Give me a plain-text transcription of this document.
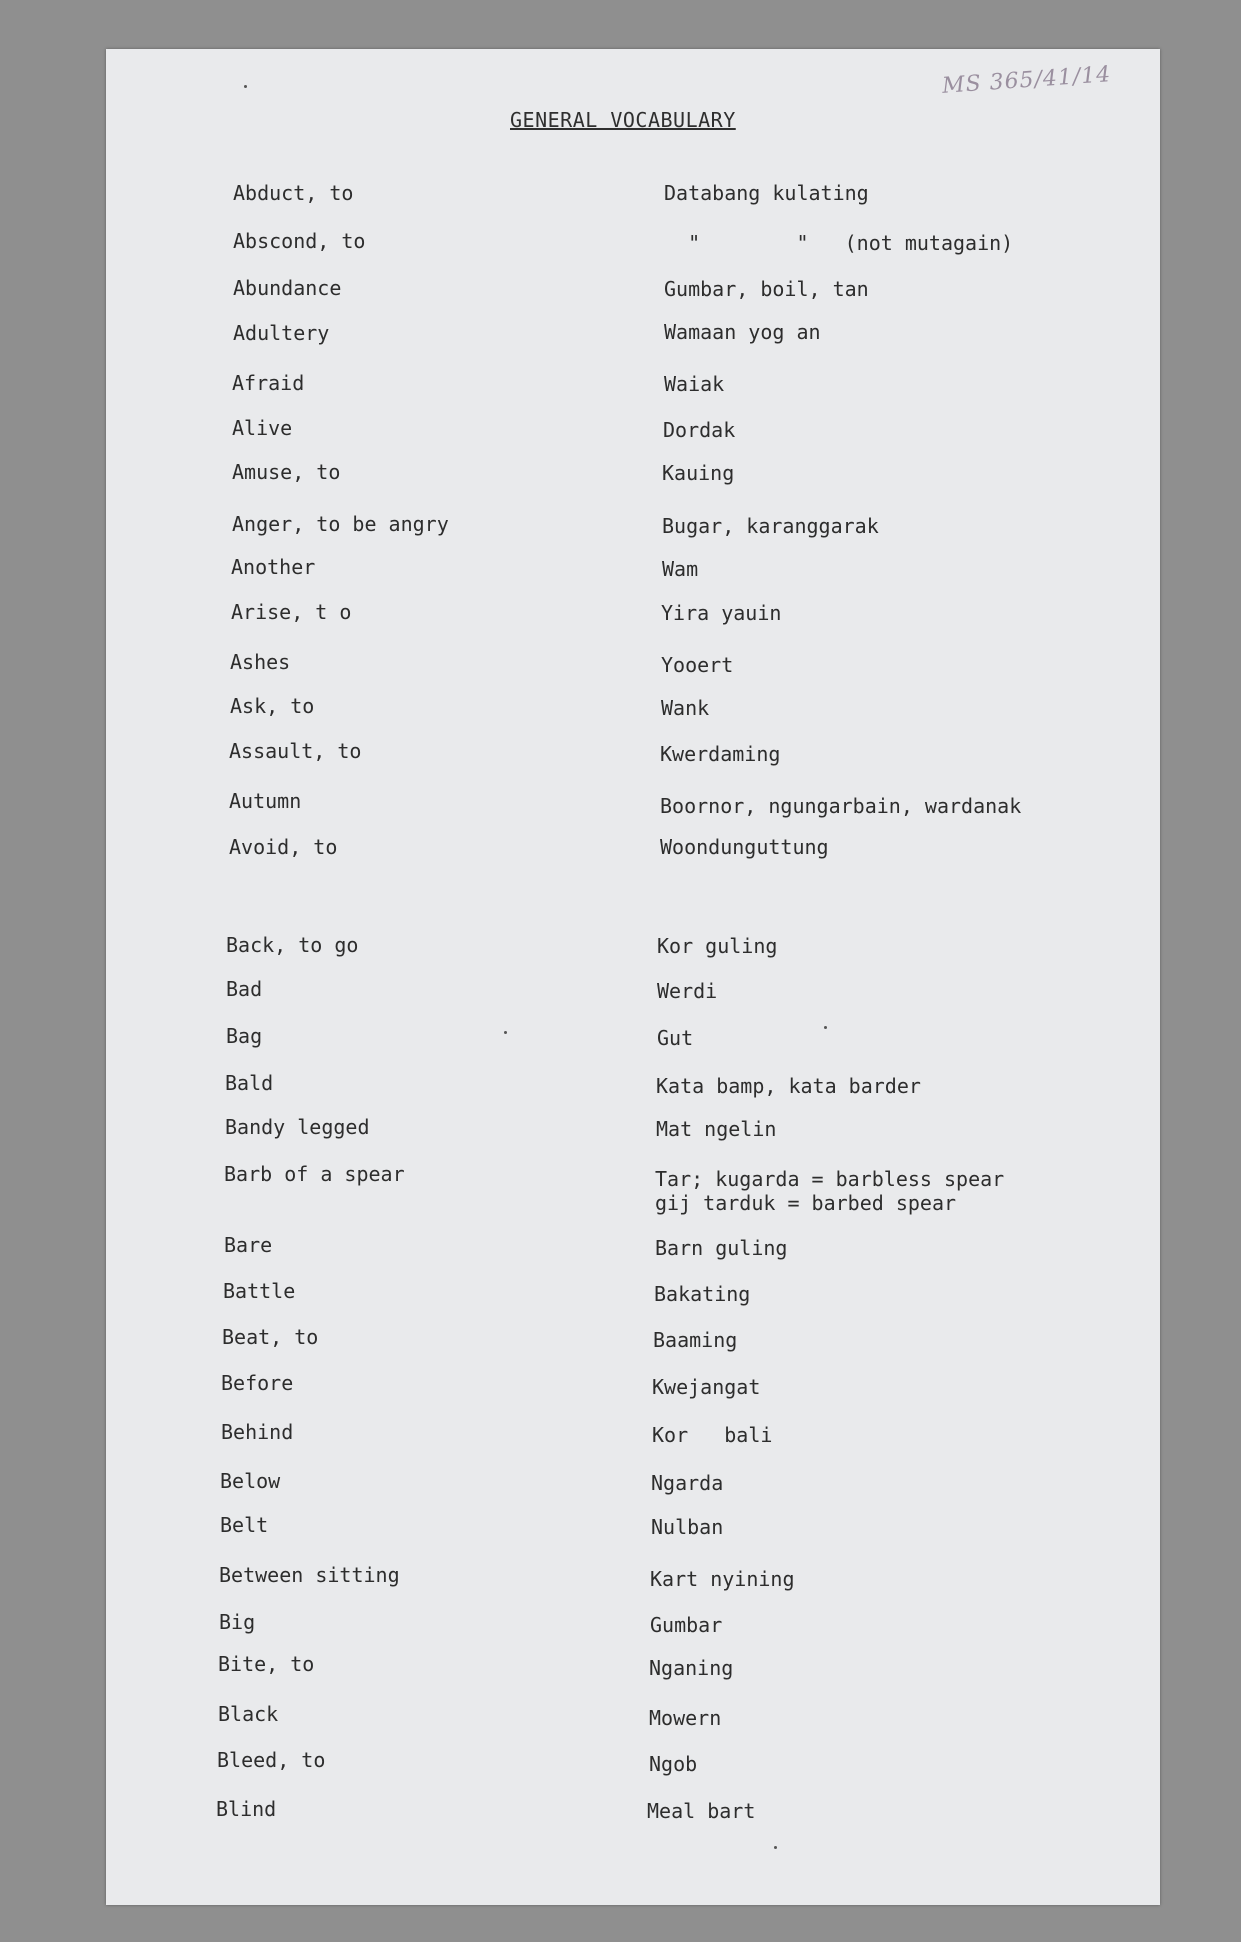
MS 365/41/14
GENERAL VOCABULARY
Abduct, to	Databang kulating
Abscond, to	"        "   (not mutagain)
Abundance	Gumbar, boil, tan
Adultery	Wamaan yog an
Afraid	Waiak
Alive	Dordak
Amuse, to	Kauing
Anger, to be angry	Bugar, karanggarak
Another	Wam
Arise, t o	Yira yauin
Ashes	Yooert
Ask, to	Wank
Assault, to	Kwerdaming
Autumn	Boornor, ngungarbain, wardanak
Avoid, to	Woondunguttung
Back, to go	Kor guling
Bad	Werdi
Bag	Gut
Bald	Kata bamp, kata barder
Bandy legged	Mat ngelin
Barb of a spear	Tar; kugarda = barbless spear
gij tarduk = barbed spear
Bare	Barn guling
Battle	Bakating
Beat, to	Baaming
Before	Kwejangat
Behind	Kor   bali
Below	Ngarda
Belt	Nulban
Between sitting	Kart nyining
Big	Gumbar
Bite, to	Nganing
Black	Mowern
Bleed, to	Ngob
Blind	Meal bart
